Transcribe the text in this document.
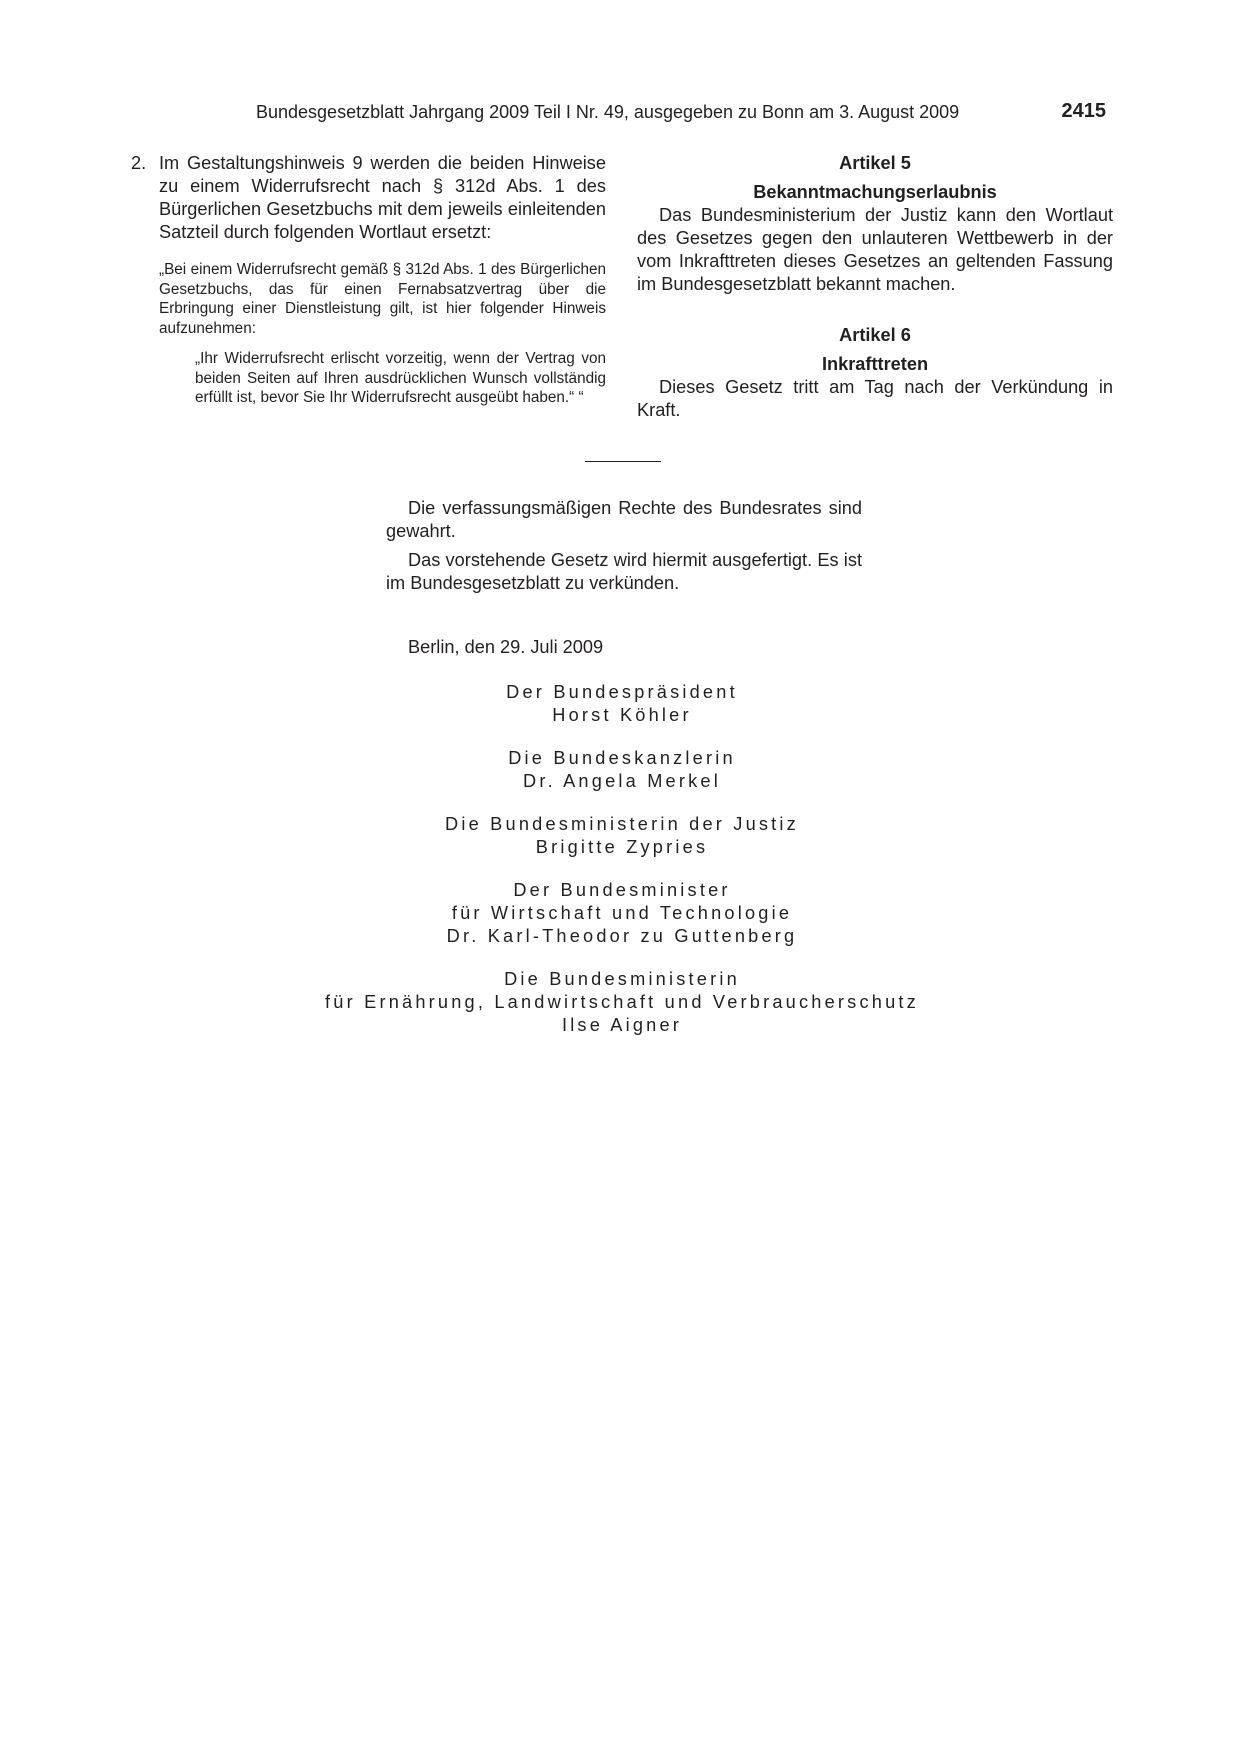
Bundesgesetzblatt Jahrgang 2009 Teil I Nr. 49, ausgegeben zu Bonn am 3. August 2009	2415
2. Im Gestaltungshinweis 9 werden die beiden Hinweise zu einem Widerrufsrecht nach § 312d Abs. 1 des Bürgerlichen Gesetzbuchs mit dem jeweils einleitenden Satzteil durch folgenden Wortlaut ersetzt:
„Bei einem Widerrufsrecht gemäß § 312d Abs. 1 des Bürgerlichen Gesetzbuchs, das für einen Fernabsatzvertrag über die Erbringung einer Dienstleistung gilt, ist hier folgender Hinweis aufzunehmen:
„Ihr Widerrufsrecht erlischt vorzeitig, wenn der Vertrag von beiden Seiten auf Ihren ausdrücklichen Wunsch vollständig erfüllt ist, bevor Sie Ihr Widerrufsrecht ausgeübt haben.“ “
Artikel 5
Bekanntmachungserlaubnis
Das Bundesministerium der Justiz kann den Wortlaut des Gesetzes gegen den unlauteren Wettbewerb in der vom Inkrafttreten dieses Gesetzes an geltenden Fassung im Bundesgesetzblatt bekannt machen.
Artikel 6
Inkrafttreten
Dieses Gesetz tritt am Tag nach der Verkündung in Kraft.

Die verfassungsmäßigen Rechte des Bundesrates sind gewahrt.

Das vorstehende Gesetz wird hiermit ausgefertigt. Es ist im Bundesgesetzblatt zu verkünden.

Berlin, den 29. Juli 2009
Der Bundespräsident
Horst Köhler
Die Bundeskanzlerin
Dr. Angela Merkel
Die Bundesministerin der Justiz
Brigitte Zypries
Der Bundesminister
für Wirtschaft und Technologie
Dr. Karl-Theodor zu Guttenberg
Die Bundesministerin
für Ernährung, Landwirtschaft und Verbraucherschutz
Ilse Aigner
